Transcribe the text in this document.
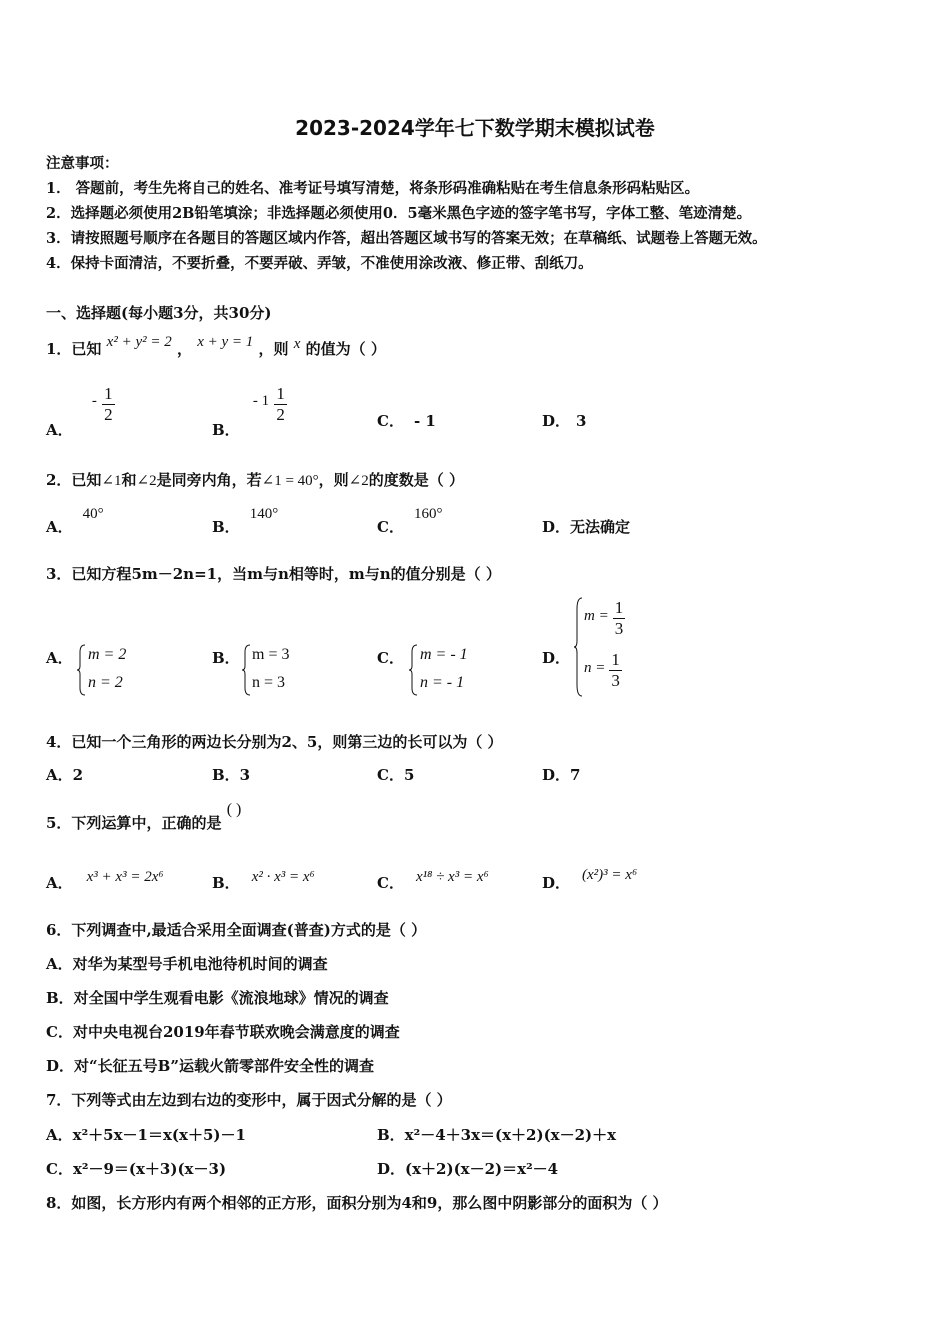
2023-2024学年七下数学期末模拟试卷
注意事项：
1． 答题前，考生先将自己的姓名、准考证号填写清楚，将条形码准确粘贴在考生信息条形码粘贴区。
2．选择题必须使用2B铅笔填涂；非选择题必须使用0．5毫米黑色字迹的签字笔书写，字体工整、笔迹清楚。
3．请按照题号顺序在各题目的答题区域内作答，超出答题区域书写的答案无效；在草稿纸、试题卷上答题无效。
4．保持卡面清洁，不要折叠，不要弄破、弄皱，不准使用涂改液、修正带、刮纸刀。
一、选择题(每小题3分，共30分)
1．已知 x² + y² = 2 ， x + y = 1 ，则 x 的值为（ ）
A． - $\frac{1}{2}$
B． - $1 \frac{1}{2}$	C． - 1	D． 3
2．已知∠1和∠2是同旁内角，若∠1 = 40°，则∠2的度数是（ ）
A．40°
B．140°
C．160°
D．无法确定
3．已知方程5m－2n=1，当m与n相等时，m与n的值分别是（ ）
A． m = 2
n = 2
B． m = 3
n = 3
C． m = - 1
n = - 1
D．
$m = \frac{1}{3}$
$n = \frac{1}{3}$
4．已知一个三角形的两边长分别为2、5，则第三边的长可以为（ ）
A．2	B．3	C．5	D．7
5．下列运算中，正确的是 ( )
A． x³ + x³ = 2x⁶	B． x² · x³ = x⁶	C． x¹⁸ ÷ x³ = x⁶	D． (x²)³ = x⁶
6．下列调查中,最适合采用全面调查(普查)方式的是（ ）
A．对华为某型号手机电池待机时间的调查
B．对全国中学生观看电影《流浪地球》情况的调查
C．对中央电视台2019年春节联欢晚会满意度的调查
D．对“长征五号B”运载火箭零部件安全性的调查
7．下列等式由左边到右边的变形中，属于因式分解的是（ ）
A．x²＋5x－1＝x(x＋5)－1	B．x²－4＋3x＝(x＋2)(x－2)＋x
C．x²－9＝(x＋3)(x－3)	D．(x＋2)(x－2)＝x²－4
8．如图，长方形内有两个相邻的正方形，面积分别为4和9，那么图中阴影部分的面积为（ ）
